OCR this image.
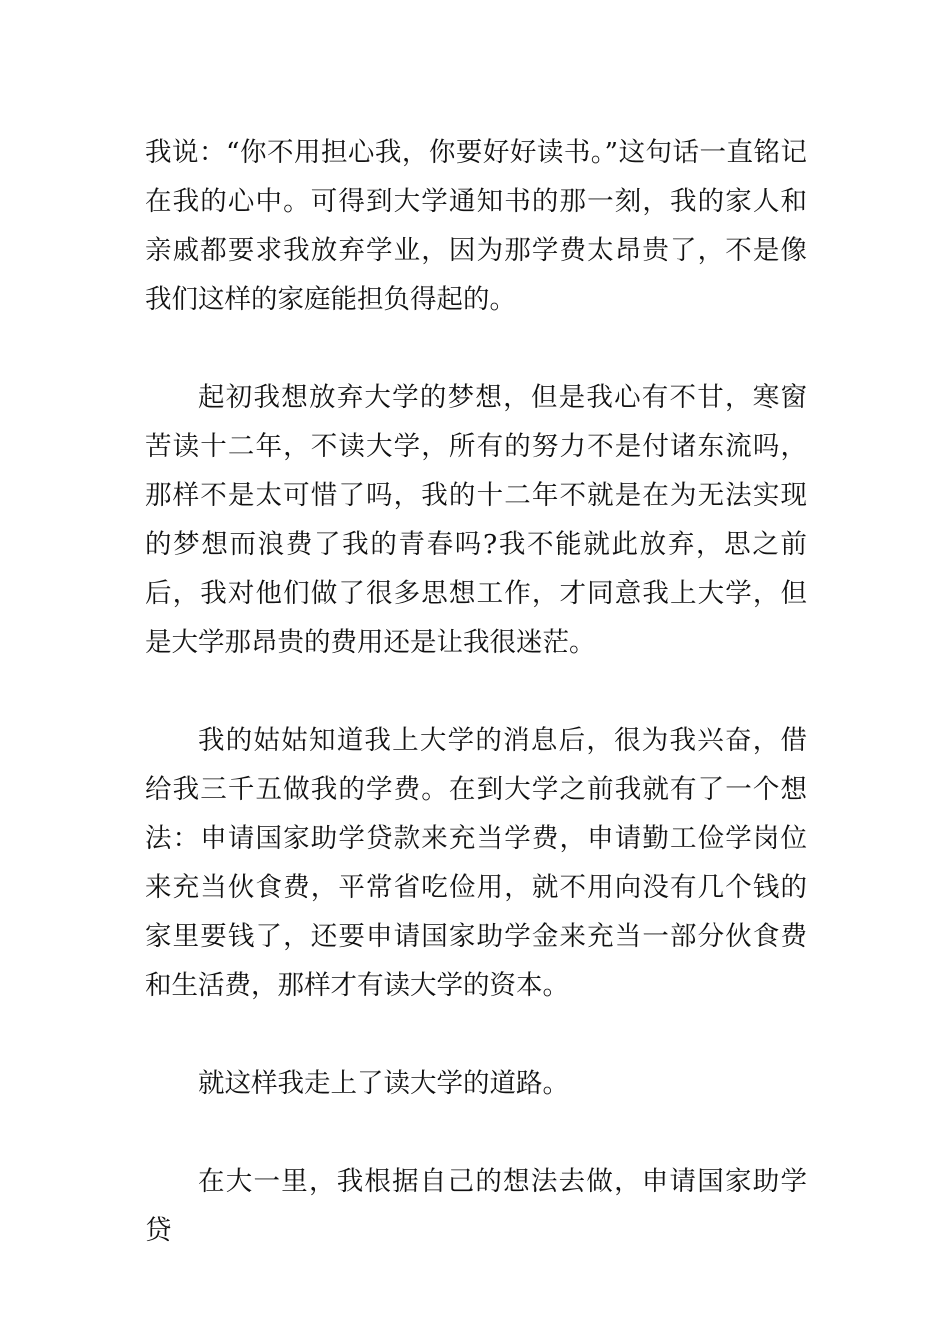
我说：“你不用担心我，你要好好读书。”这句话一直铭记在我的心中。可得到大学通知书的那一刻，我的家人和亲戚都要求我放弃学业，因为那学费太昂贵了，不是像我们这样的家庭能担负得起的。

起初我想放弃大学的梦想，但是我心有不甘，寒窗苦读十二年，不读大学，所有的努力不是付诸东流吗，那样不是太可惜了吗，我的十二年不就是在为无法实现的梦想而浪费了我的青春吗?我不能就此放弃，思之前后，我对他们做了很多思想工作，才同意我上大学，但是大学那昂贵的费用还是让我很迷茫。

我的姑姑知道我上大学的消息后，很为我兴奋，借给我三千五做我的学费。在到大学之前我就有了一个想法：申请国家助学贷款来充当学费，申请勤工俭学岗位来充当伙食费，平常省吃俭用，就不用向没有几个钱的家里要钱了，还要申请国家助学金来充当一部分伙食费和生活费，那样才有读大学的资本。

就这样我走上了读大学的道路。

在大一里，我根据自己的想法去做，申请国家助学贷
